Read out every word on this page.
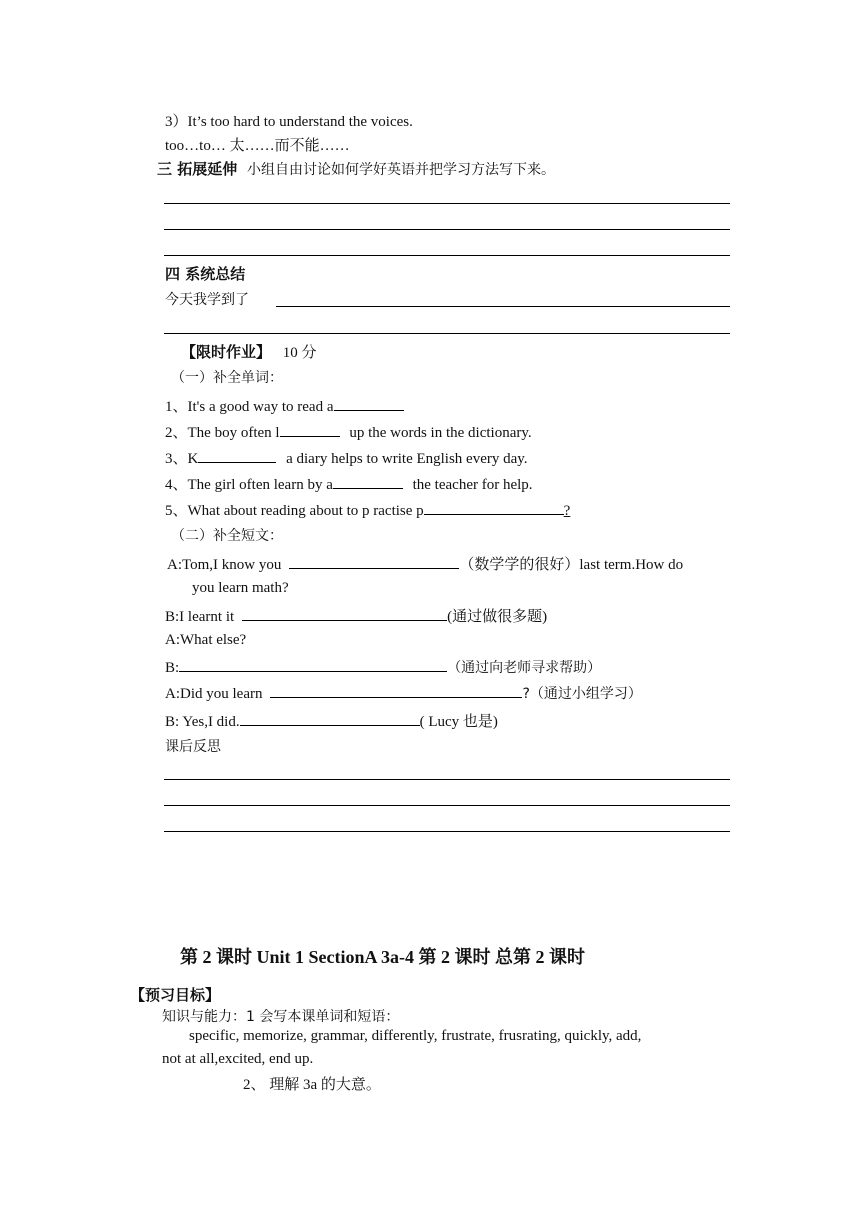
3）It’s too hard to understand the voices.
too…to… 太……而不能……
三 拓展延伸 小组自由讨论如何学好英语并把学习方法写下来。
四 系统总结
今天我学到了
【限时作业】 10 分
（一）补全单词：
1、It's a good way to read a
2、The boy often l	up the words in the dictionary.
3、K	a diary helps to write English every day.
4、The girl often learn by a	the teacher for help.
5、What about reading about to p ractise p	?
（二）补全短文：
A:Tom,I know you	（数学学的很好）last term.How do
you learn math?
B:I learnt it	(通过做很多题)
A:What else?
B:	（通过向老师寻求帮助）
A:Did you learn	?（通过小组学习）
B: Yes,I did.	( Lucy 也是)
课后反思
第 2 课时 Unit 1 SectionA 3a-4 第 2 课时 总第 2 课时
【预习目标】
知识与能力：1 会写本课单词和短语：
specific, memorize, grammar, differently, frustrate, frusrating, quickly, add,
not at all,excited, end up.
2、 理解 3a 的大意。
